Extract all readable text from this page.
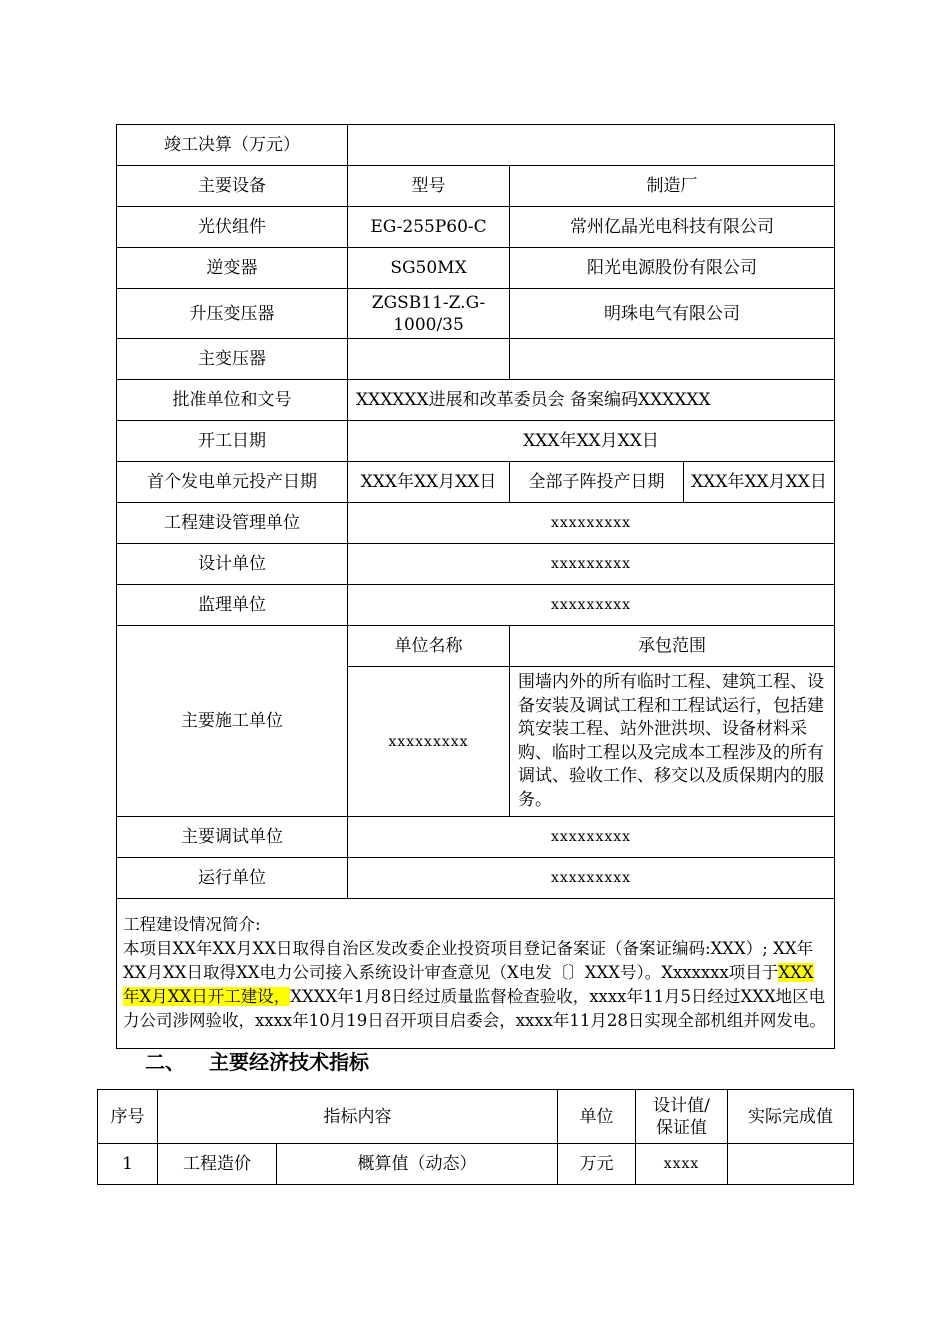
竣工决算（万元）			
主要设备	型号	制造厂	
光伏组件	EG-255P60-C	常州亿晶光电科技有限公司	
逆变器	SG50MX	阳光电源股份有限公司	
升压变压器	ZGSB11-Z.G-1000/35	明珠电气有限公司	
主变压器			
批准单位和文号	XXXXXX进展和改革委员会 备案编码XXXXXX		
开工日期	XXX年XX月XX日		
首个发电单元投产日期	XXX年XX月XX日	全部子阵投产日期	XXX年XX月XX日
工程建设管理单位	xxxxxxxxx		
设计单位	xxxxxxxxx		
监理单位	xxxxxxxxx		
主要施工单位	单位名称	承包范围	
	xxxxxxxxx	围墙内外的所有临时工程、建筑工程、设备安装及调试工程和工程试运行，包括建筑安装工程、站外泄洪坝、设备材料采购、临时工程以及完成本工程涉及的所有调试、验收工作、移交以及质保期内的服务。	
主要调试单位	xxxxxxxxx		
运行单位	xxxxxxxxx		

工程建设情况简介:
本项目XX年XX月XX日取得自治区发改委企业投资项目登记备案证（备案证编码:XXX）; XX年XX月XX日取得XX电力公司接入系统设计审查意见（X电发〔〕XXX号）。Xxxxxxx项目于XXX年X月XX日开工建设，XXXX年1月8日经过质量监督检查验收，xxxx年11月5日经过XXX地区电力公司涉网验收，xxxx年10月19日召开项目启委会，xxxx年11月28日实现全部机组并网发电。			
二、 主要经济技术指标
序号	指标内容		单位	设计值/保证值	实际完成值
1	工程造价	概算值（动态）	万元	xxxx	
